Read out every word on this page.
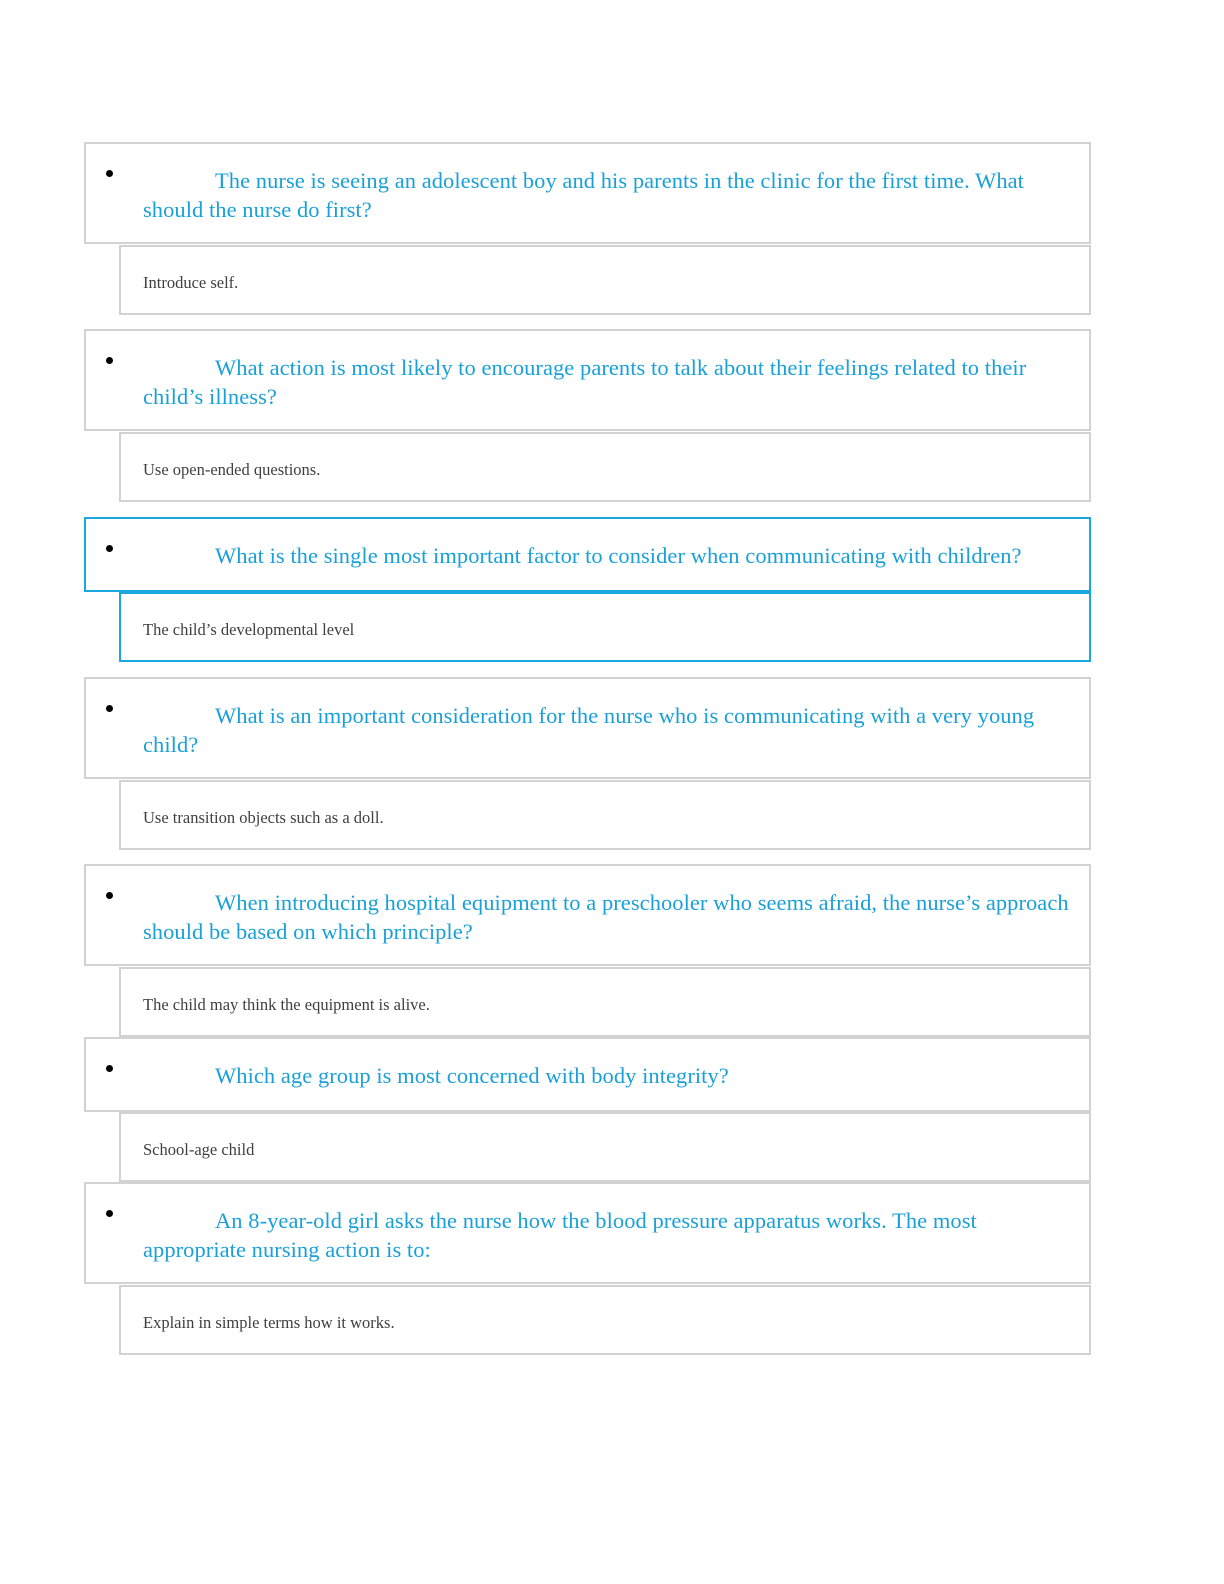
The nurse is seeing an adolescent boy and his parents in the clinic for the first time. What should the nurse do first?

Introduce self.

What action is most likely to encourage parents to talk about their feelings related to their child’s illness?

Use open-ended questions.

What is the single most important factor to consider when communicating with children?

The child’s developmental level

What is an important consideration for the nurse who is communicating with a very young child?

Use transition objects such as a doll.

When introducing hospital equipment to a preschooler who seems afraid, the nurse’s approach should be based on which principle?

The child may think the equipment is alive.

Which age group is most concerned with body integrity?

School-age child

An 8-year-old girl asks the nurse how the blood pressure apparatus works. The most appropriate nursing action is to:

Explain in simple terms how it works.
